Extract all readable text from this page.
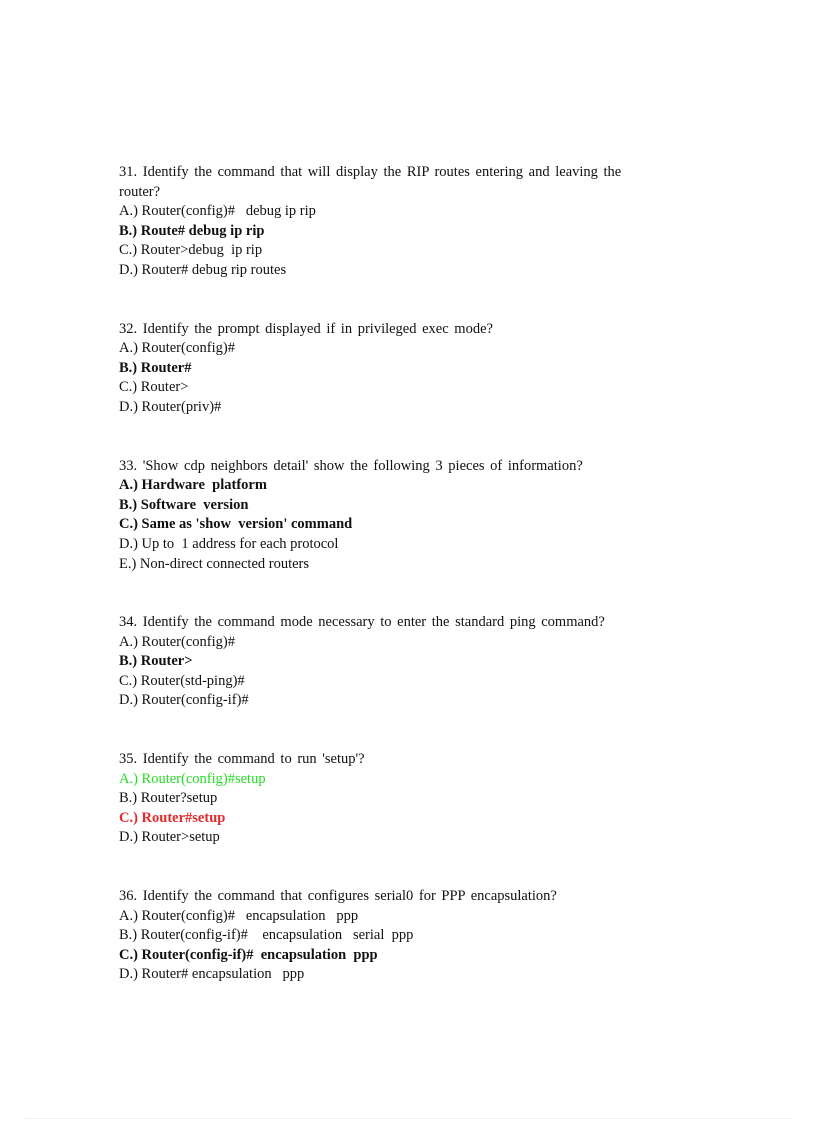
31. Identify the command that will display the RIP routes entering and leaving the router?
A.) Router(config)#   debug ip rip
B.) Route# debug ip rip
C.) Router>debug  ip rip
D.) Router# debug rip routes
32. Identify the prompt displayed if in privileged exec mode?
A.) Router(config)#
B.) Router#
C.) Router>
D.) Router(priv)#
33. 'Show cdp neighbors detail' show the following 3 pieces of information?
A.) Hardware  platform
B.) Software  version
C.) Same as 'show  version' command
D.) Up to  1 address for each protocol
E.) Non-direct connected routers
34. Identify the command mode necessary to enter the standard ping command?
A.) Router(config)#
B.) Router>
C.) Router(std-ping)#
D.) Router(config-if)#
35. Identify the command to run 'setup'?
A.) Router(config)#setup
B.) Router?setup
C.) Router#setup
D.) Router>setup
36. Identify the command that configures serial0 for PPP encapsulation?
A.) Router(config)#   encapsulation   ppp
B.) Router(config-if)#    encapsulation   serial  ppp
C.) Router(config-if)#  encapsulation  ppp
D.) Router# encapsulation   ppp
